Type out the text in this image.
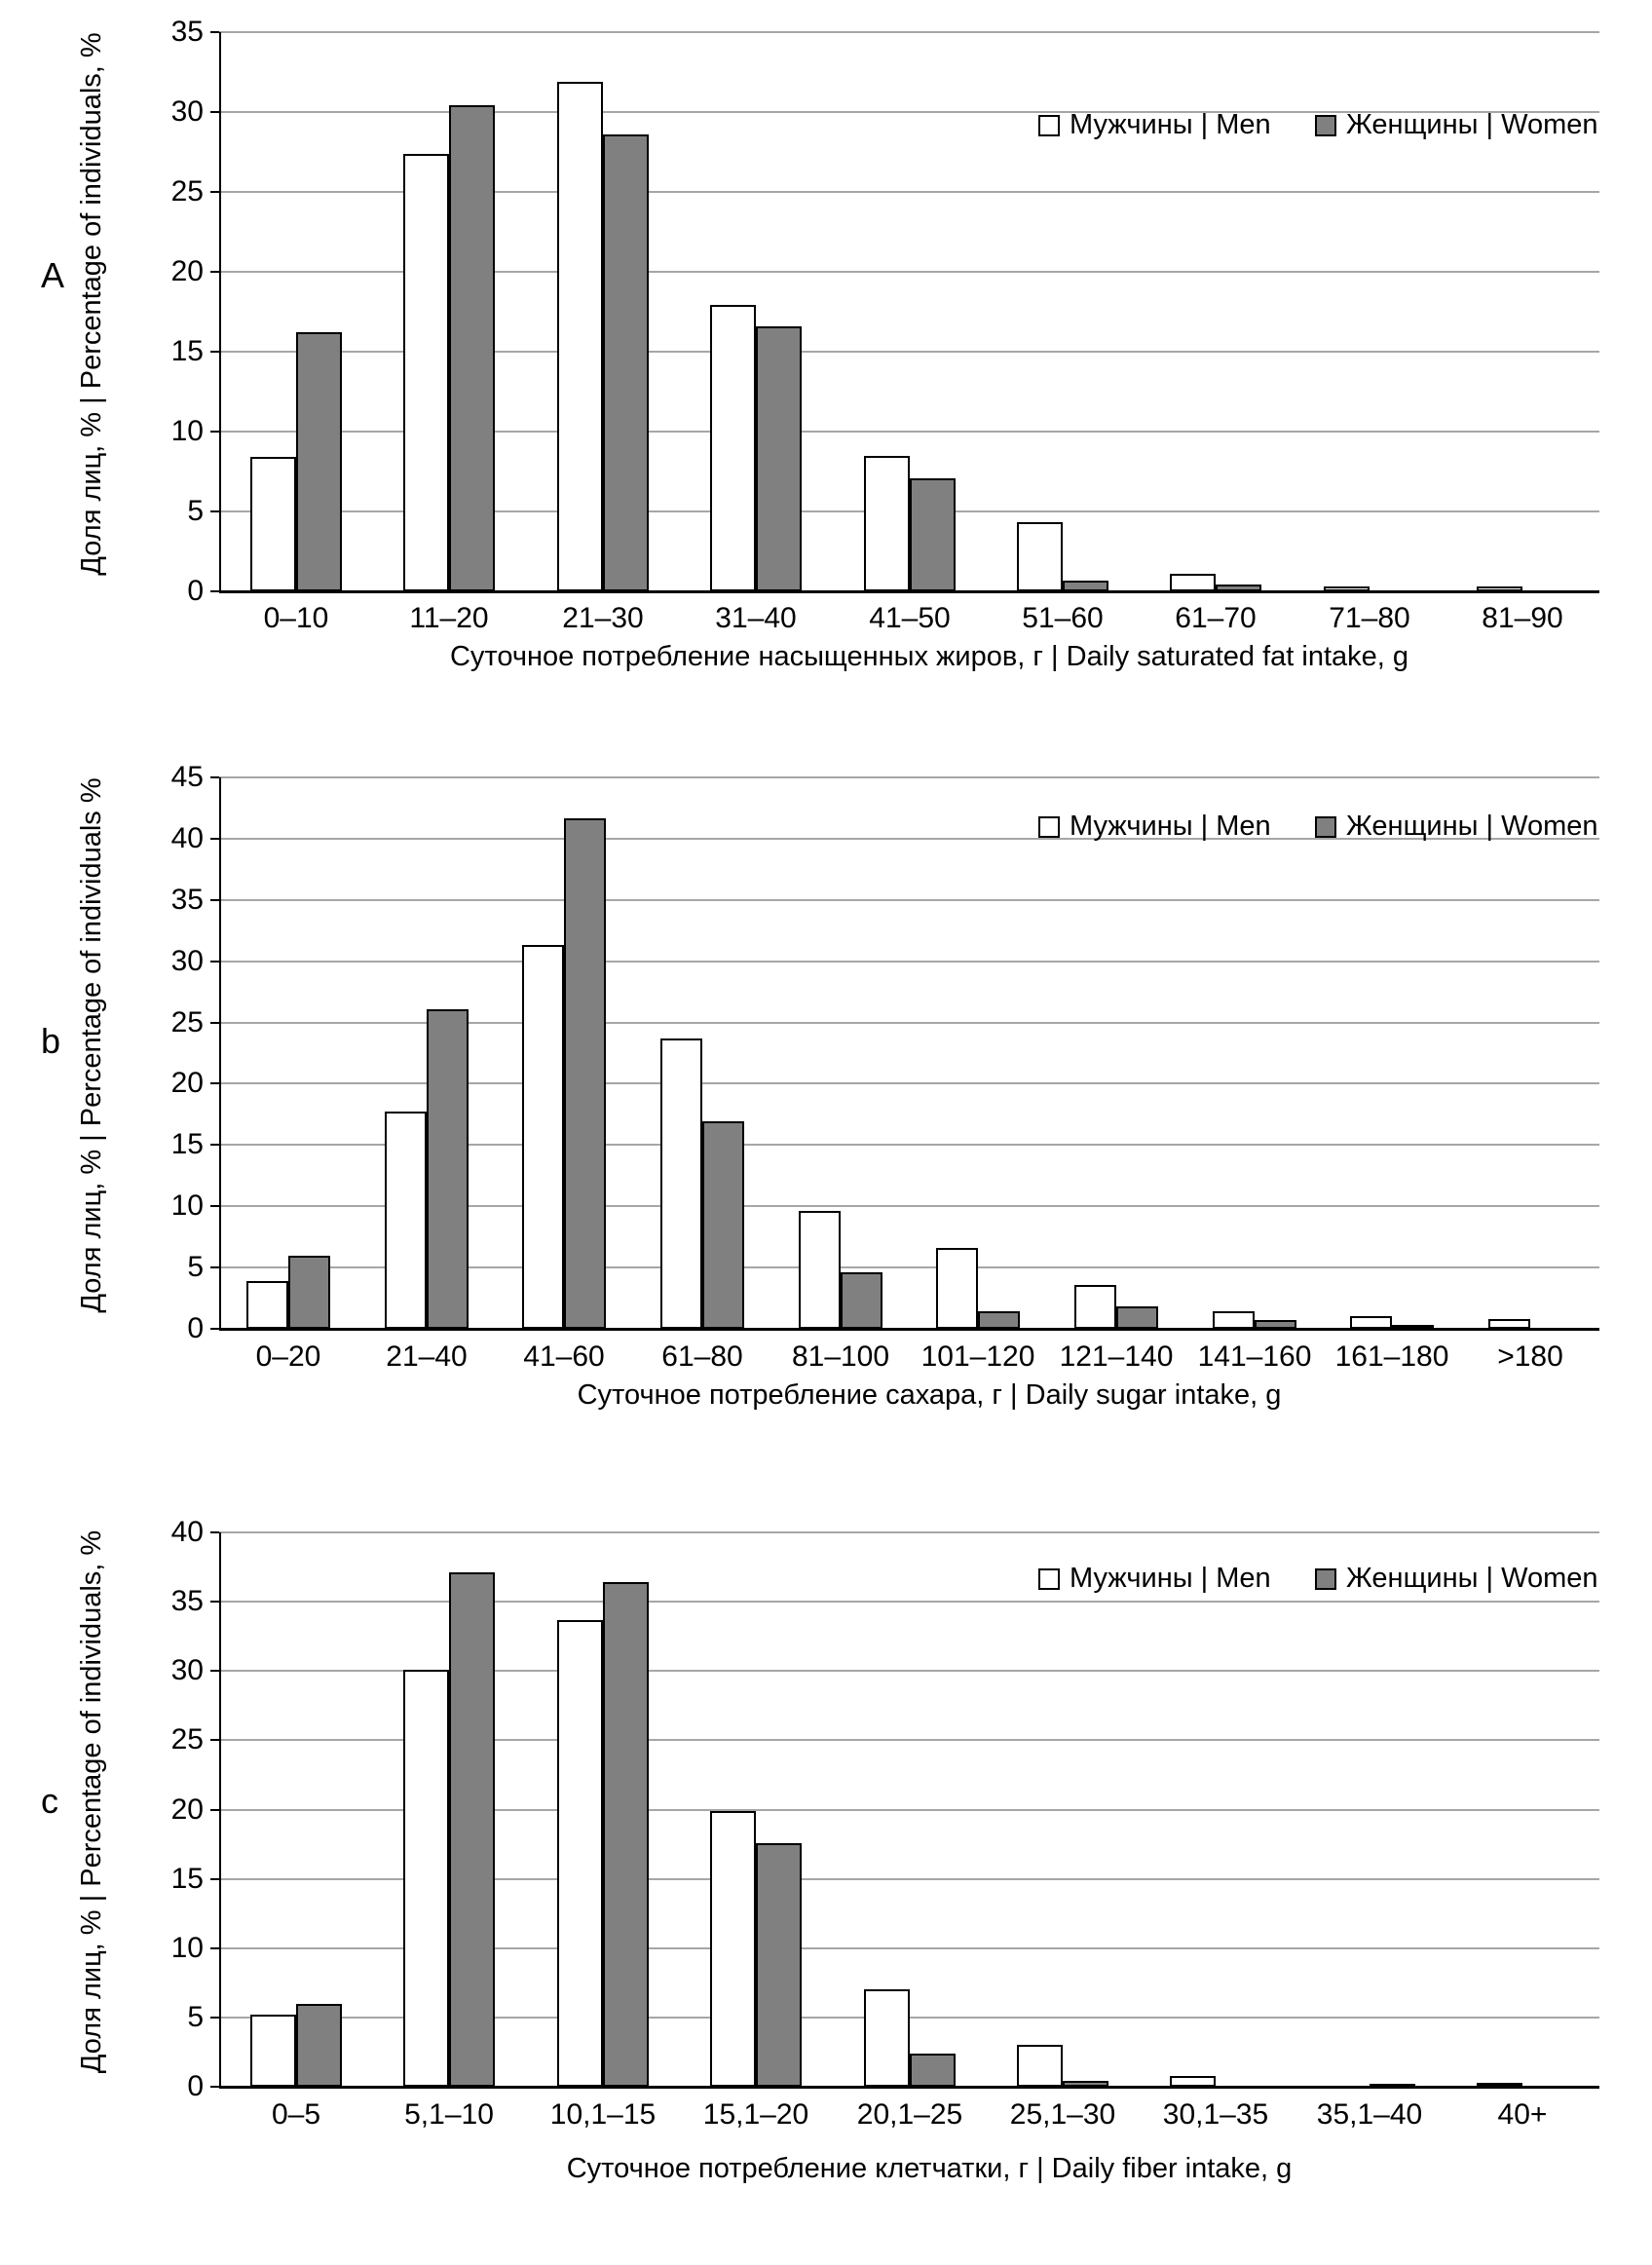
А Доля лиц, % | Percentage of individuals, %
0
5
10
15
20
25
30
35
0–10	11–20	21–30 31–40 41–50 51–60 61–70 71–80 81–90
Суточное потребление насыщенных жиров, г | Daily saturated fat intake, g
Мужчины | Men	Женщины | Women
b Доля лиц, % | Percentage of individuals %
0
5
10
15
20
25
30
35
40
45
0–20 21–40 41–60 61–80 81–100 101–120 121–140 141–160 161–180 >180
Суточное потребление сахара, г | Daily sugar intake, g
Мужчины | Men	Женщины | Women
c Доля лиц, % | Percentage of individuals, %
0
5
10
15
20
25
30
35
40
0–5	5,1–10 10,1–15 15,1–20 20,1–25 25,1–30 30,1–35 35,1–40	40+
Суточное потребление клетчатки, г | Daily fiber intake, g
Мужчины | Men	Женщины | Women
